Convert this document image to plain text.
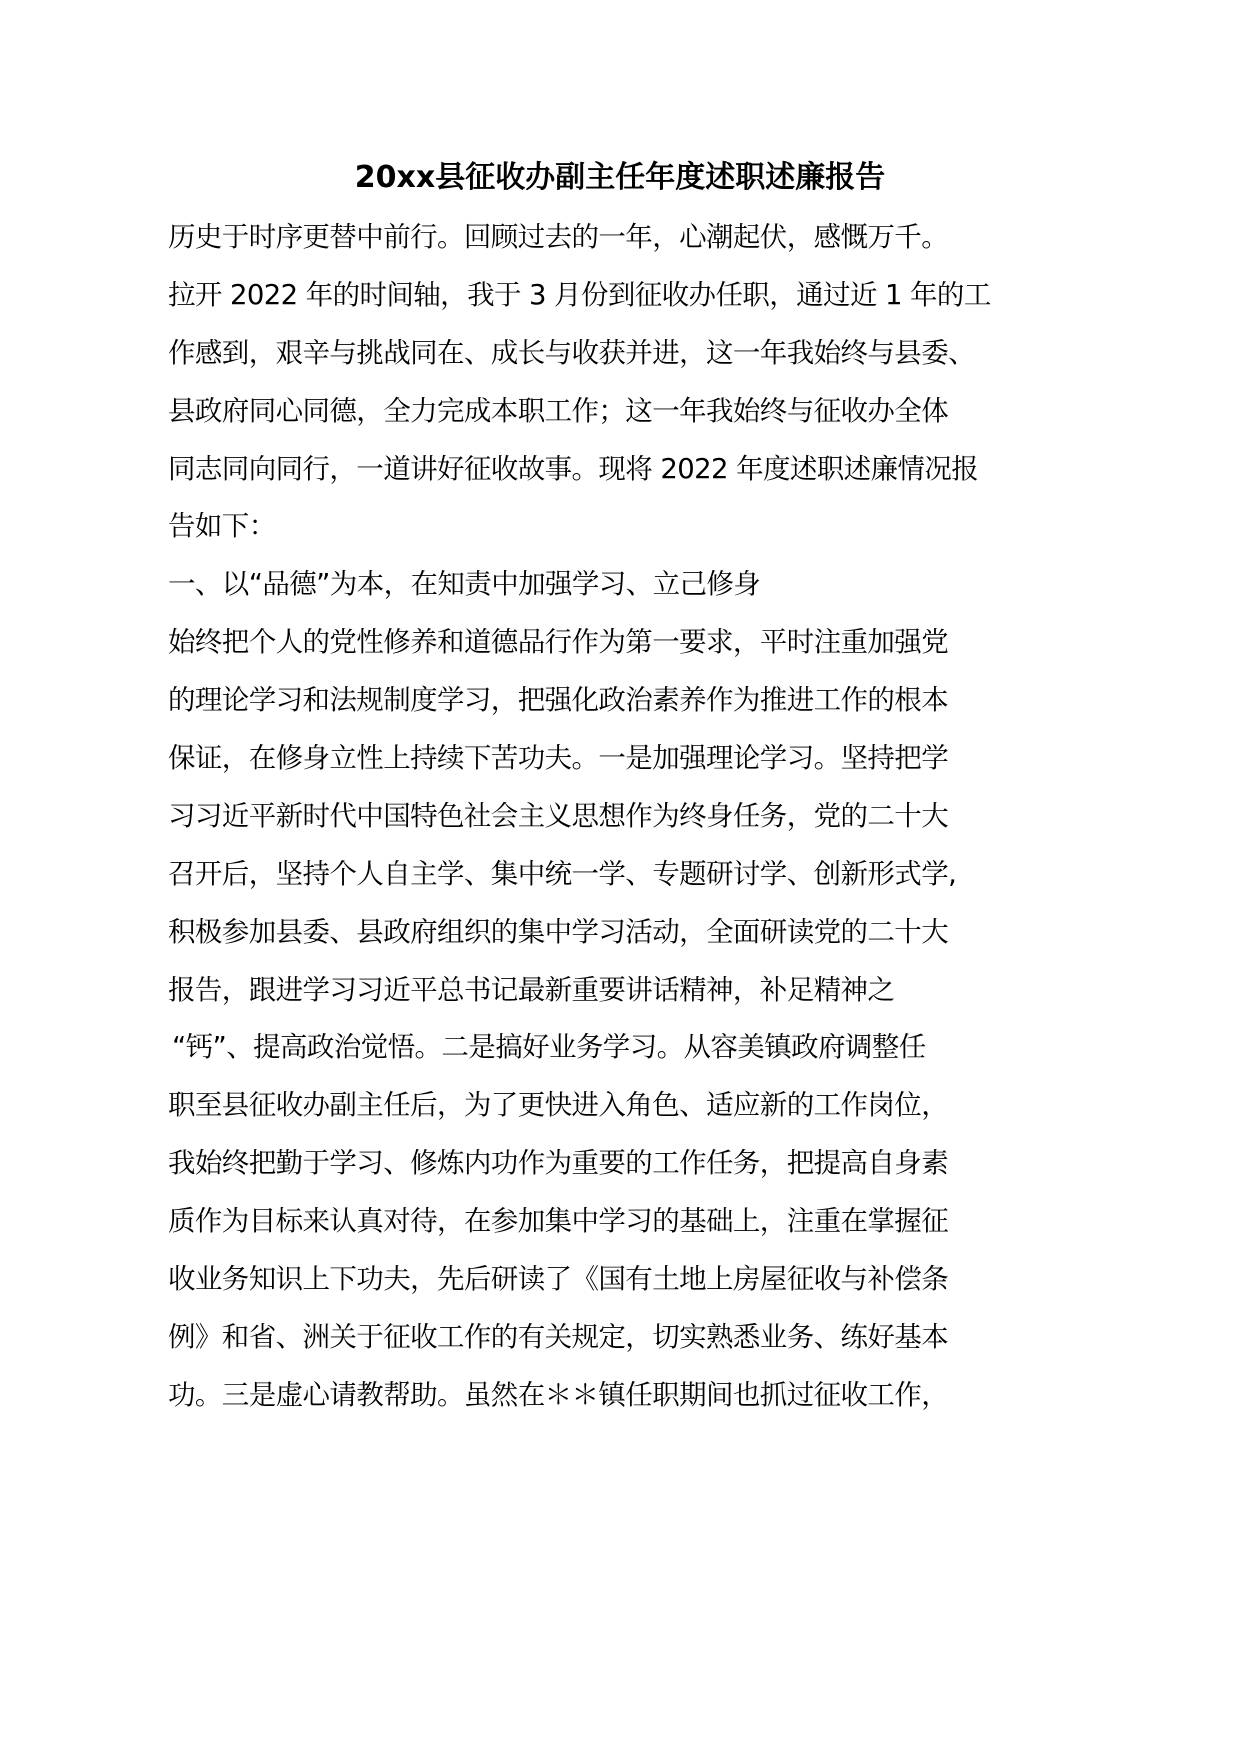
20xx县征收办副主任年度述职述廉报告
历史于时序更替中前行。回顾过去的一年，心潮起伏，感慨万千。
拉开 2022 年的时间轴，我于 3 月份到征收办任职，通过近 1 年的工
作感到，艰辛与挑战同在、成长与收获并进，这一年我始终与县委、
县政府同心同德，全力完成本职工作；这一年我始终与征收办全体
同志同向同行，一道讲好征收故事。现将 2022 年度述职述廉情况报
告如下：
一、以“品德”为本，在知责中加强学习、立己修身
始终把个人的党性修养和道德品行作为第一要求，平时注重加强党
的理论学习和法规制度学习，把强化政治素养作为推进工作的根本
保证，在修身立性上持续下苦功夫。一是加强理论学习。坚持把学
习习近平新时代中国特色社会主义思想作为终身任务，党的二十大
召开后，坚持个人自主学、集中统一学、专题研讨学、创新形式学,
积极参加县委、县政府组织的集中学习活动，全面研读党的二十大
报告，跟进学习习近平总书记最新重要讲话精神，补足精神之
“钙”、提高政治觉悟。二是搞好业务学习。从容美镇政府调整任
职至县征收办副主任后，为了更快进入角色、适应新的工作岗位，
我始终把勤于学习、修炼内功作为重要的工作任务，把提高自身素
质作为目标来认真对待，在参加集中学习的基础上，注重在掌握征
收业务知识上下功夫，先后研读了《国有土地上房屋征收与补偿条
例》和省、洲关于征收工作的有关规定，切实熟悉业务、练好基本
功。三是虚心请教帮助。虽然在＊＊镇任职期间也抓过征收工作，
